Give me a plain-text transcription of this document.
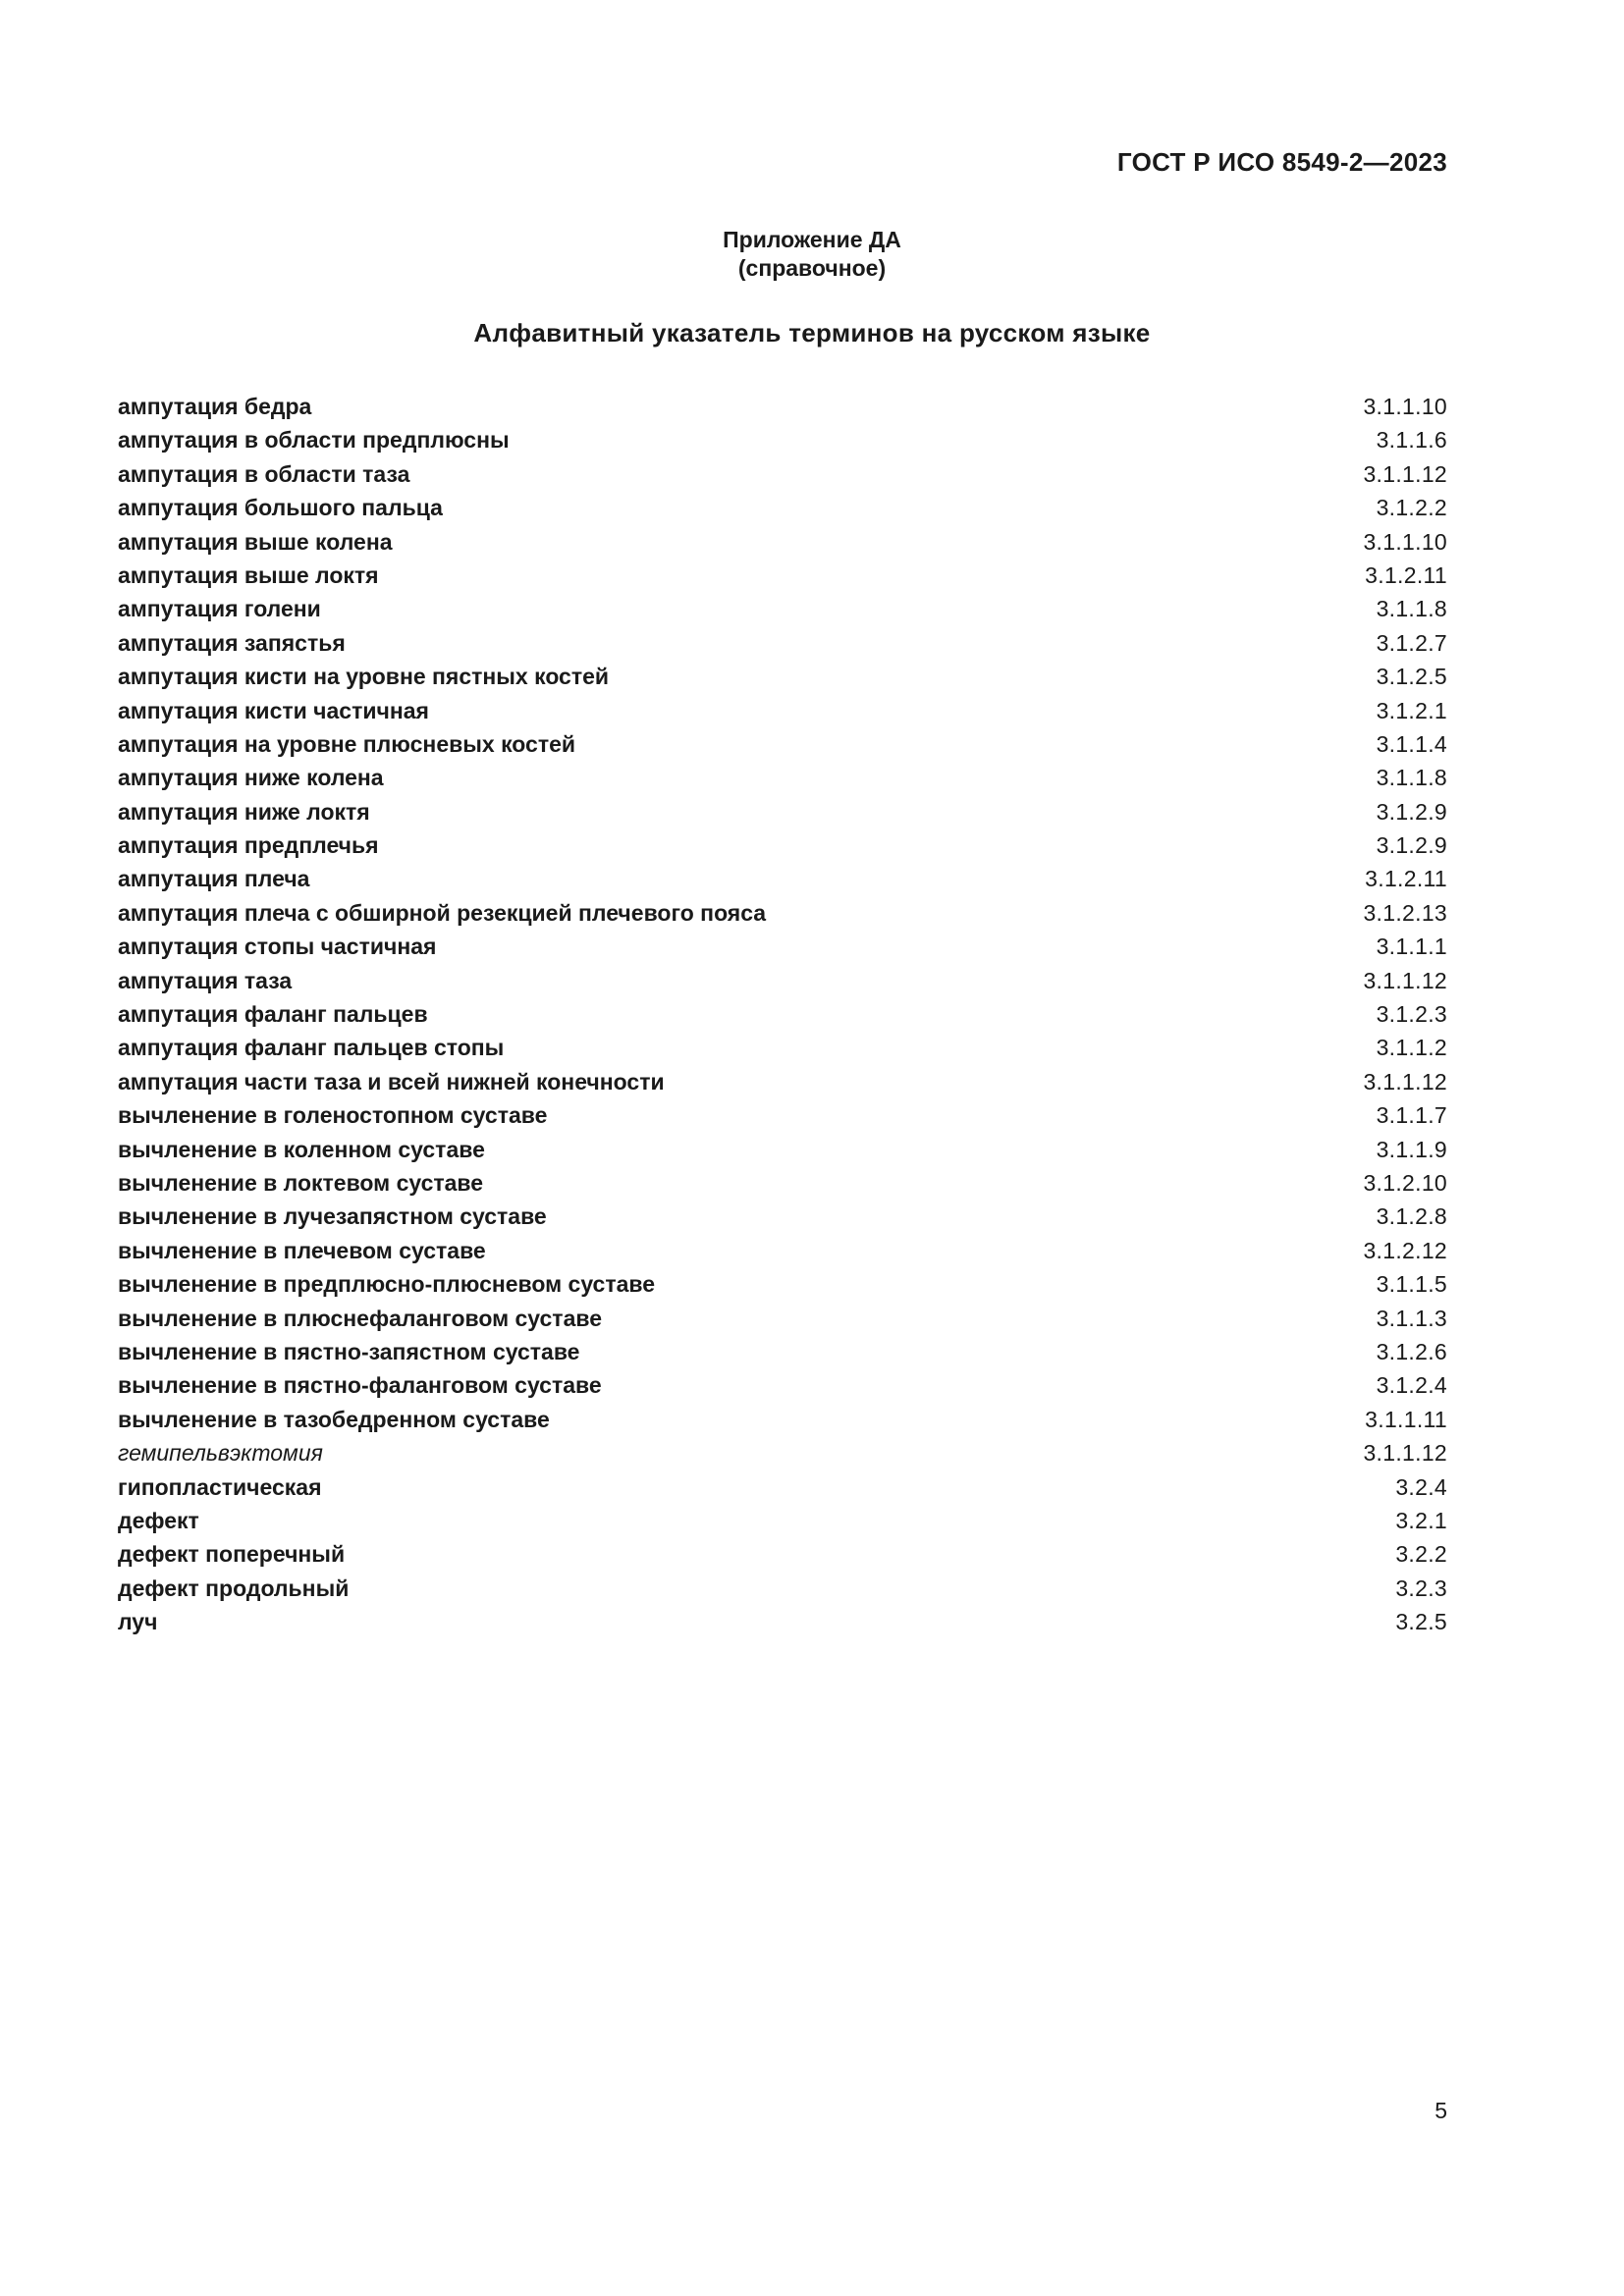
ГОСТ Р ИСО 8549-2—2023
Приложение ДА
(справочное)
Алфавитный указатель терминов на русском языке
ампутация бедра	3.1.1.10
ампутация в области предплюсны	3.1.1.6
ампутация в области таза	3.1.1.12
ампутация большого пальца	3.1.2.2
ампутация выше колена	3.1.1.10
ампутация выше локтя	3.1.2.11
ампутация голени	3.1.1.8
ампутация запястья	3.1.2.7
ампутация кисти на уровне пястных костей	3.1.2.5
ампутация кисти частичная	3.1.2.1
ампутация на уровне плюсневых костей	3.1.1.4
ампутация ниже колена	3.1.1.8
ампутация ниже локтя	3.1.2.9
ампутация предплечья	3.1.2.9
ампутация плеча	3.1.2.11
ампутация плеча с обширной резекцией плечевого пояса	3.1.2.13
ампутация стопы частичная	3.1.1.1
ампутация таза	3.1.1.12
ампутация фаланг пальцев	3.1.2.3
ампутация фаланг пальцев стопы	3.1.1.2
ампутация части таза и всей нижней конечности	3.1.1.12
вычленение в голеностопном суставе	3.1.1.7
вычленение в коленном суставе	3.1.1.9
вычленение в локтевом суставе	3.1.2.10
вычленение в лучезапястном суставе	3.1.2.8
вычленение в плечевом суставе	3.1.2.12
вычленение в предплюсно-плюсневом суставе	3.1.1.5
вычленение в плюснефаланговом суставе	3.1.1.3
вычленение в пястно-запястном суставе	3.1.2.6
вычленение в пястно-фаланговом суставе	3.1.2.4
вычленение в тазобедренном суставе	3.1.1.11
гемипельвэктомия	3.1.1.12
гипопластическая	3.2.4
дефект	3.2.1
дефект поперечный	3.2.2
дефект продольный	3.2.3
луч	3.2.5
5
